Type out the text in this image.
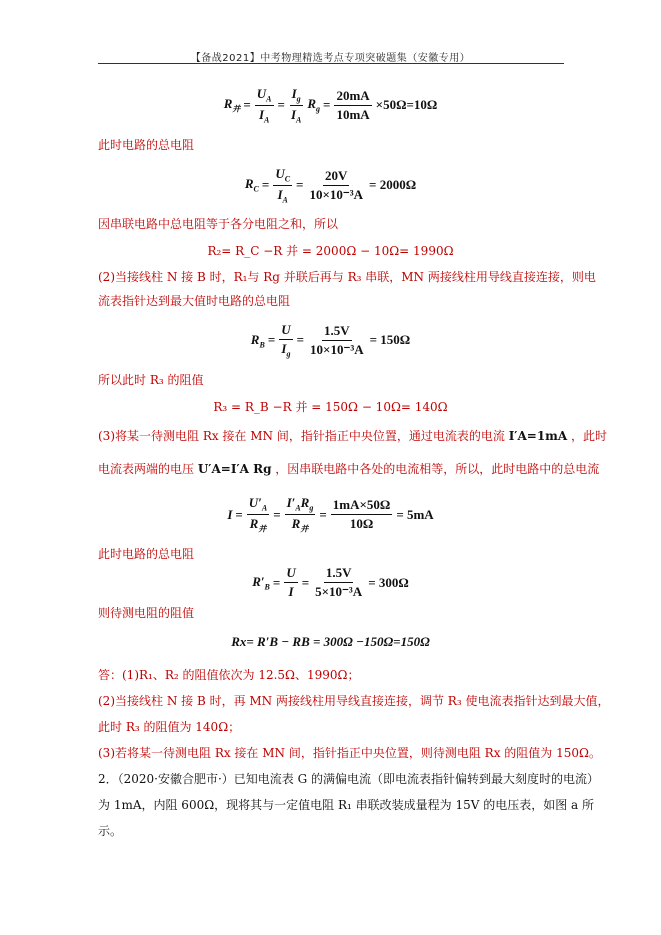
【备战2021】中考物理精选考点专项突破题集（安徽专用）
$R_并 = \frac{U_A}{I_A} = \frac{I_g}{I_A} R_g = \frac{20mA}{10mA} \times 50\Omega=10\Omega$
此时电路的总电阻
$R_C = \frac{U_C}{I_A} = \frac{20V}{\text{10×10⁻³A}} = 2000\Omega$
因串联电路中总电阻等于各分电阻之和，所以
R₂= R_C −R 并 = 2000Ω − 10Ω= 1990Ω
(2)当接线柱 N 接 B 时，R₁与 Rg 并联后再与 R₃ 串联，MN 两接线柱用导线直接连接，则电
流表指针达到最大值时电路的总电阻
$R_B = \frac{U}{I_g} = \frac{1.5V}{\text{10×10⁻³A}} = 150\Omega$
所以此时 R₃ 的阻值
R₃ = R_B −R 并 = 150Ω − 10Ω= 140Ω
(3)将某一待测电阻 Rx 接在 MN 间，指针指正中央位置，通过电流表的电流 I′A=1mA ，此时
电流表两端的电压 U′A=I′A Rg ，因串联电路中各处的电流相等，所以，此时电路中的总电流
$I = \frac{U'_A}{R_并} = \frac{I'_AR_g}{R_并} = \frac{1mA\times 50\Omega}{10\Omega} = 5mA$
此时电路的总电阻
$R'_B = \frac{U}{I} = \frac{1.5V}{\text{5×10⁻³A}} = 300\Omega$
则待测电阻的阻值
Rx= R′B − RB = 300Ω −150Ω=150Ω
答：(1)R₁、R₂ 的阻值依次为 12.5Ω、1990Ω；
(2)当接线柱 N 接 B 时，再 MN 两接线柱用导线直接连接，调节 R₃ 使电流表指针达到最大值，
此时 R₃ 的阻值为 140Ω；
(3)若将某一待测电阻 Rx 接在 MN 间，指针指正中央位置，则待测电阻 Rx 的阻值为 150Ω。
2．（2020·安徽合肥市·）已知电流表 G 的满偏电流（即电流表指针偏转到最大刻度时的电流）
为 1mA，内阻 600Ω，现将其与一定值电阻 R₁ 串联改装成量程为 15V 的电压表，如图 a 所
示。
